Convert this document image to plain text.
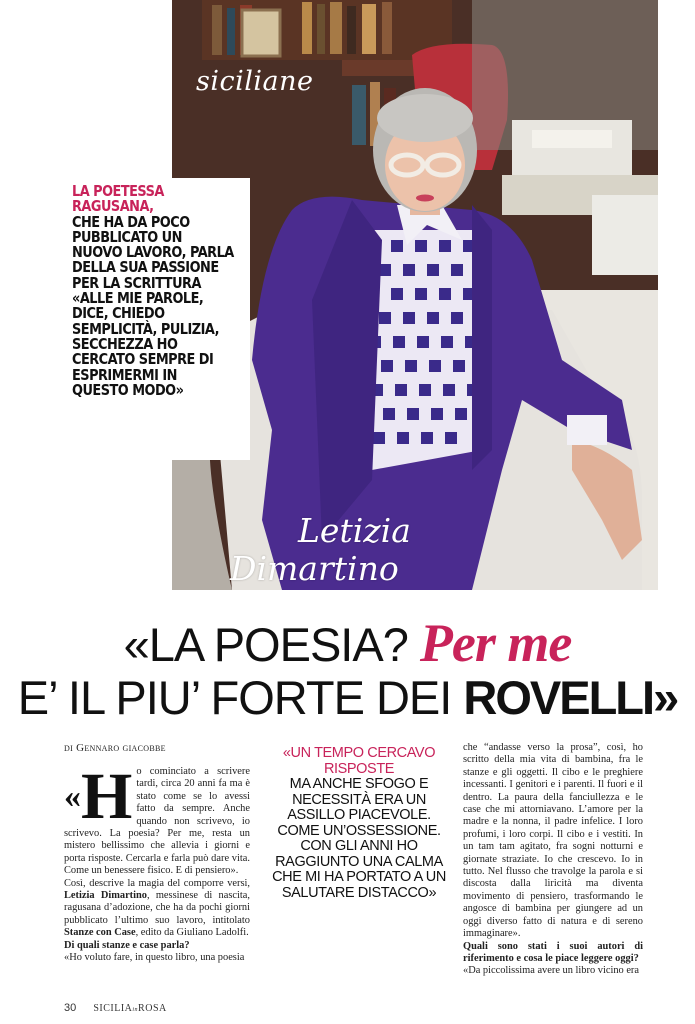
siciliane
LA POETESSA RAGUSANA,
CHE HA DA POCO PUBBLICATO UN NUOVO LAVORO, PARLA DELLA SUA PASSIONE PER LA SCRITTURA «ALLE MIE PAROLE, DICE, CHIEDO SEMPLICITÀ, PULIZIA, SECCHEZZA HO CERCATO SEMPRE DI ESPRIMERMI IN QUESTO MODO»
Letizia
Dimartino
«LA POESIA? Per me
E’ IL PIU’ FORTE DEI ROVELLI»
di Gennaro giacobbe

«H o cominciato a scrivere tardi, circa 20 anni fa ma è stato come se lo avessi fatto da sempre. Anche quando non scrivevo, io scrivevo. La poesia? Per me, resta un mistero bellissimo che allevia i giorni e porta risposte. Cercarla e farla può dare vita. Come un benessere fisico. E di pensiero».

Così, descrive la magia del comporre versi, Letizia Dimartino, messinese di nascita, ragusana d’adozione, che ha da pochi giorni pubblicato l’ultimo suo lavoro, intitolato Stanze con Case, edito da Giuliano Ladolfi.

Di quali stanze e case parla?

«Ho voluto fare, in questo libro, una poesia

«UN TEMPO CERCAVO RISPOSTE
MA ANCHE SFOGO E NECESSITÀ ERA UN ASSILLO PIACEVOLE. COME UN’OSSESSIONE. CON GLI ANNI HO RAGGIUNTO UNA CALMA CHE MI HA PORTATO A UN SALUTARE DISTACCO»

che “andasse verso la prosa”, così, ho scritto della mia vita di bambina, fra le stanze e gli oggetti. Il cibo e le preghiere incessanti. I genitori e i parenti. Il fuori e il dentro. La paura della fanciullezza e le case che mi attorniavano. L’amore per la madre e la nonna, il padre infelice. I loro profumi, i loro corpi. Il cibo e i vestiti. In un tam tam agitato, fra sogni notturni e giornate straziate. Io che crescevo. Io in tutto. Nel flusso che travolge la parola e si discosta dalla liricità ma diventa movimento di pensiero, trasformando le angosce di bambina per giungere ad un oggi diverso fatto di natura e di sereno immaginare».

Quali sono stati i suoi autori di riferimento e cosa le piace leggere oggi?

«Da piccolissima avere un libro vicino era

30 SICILIAinROSA
